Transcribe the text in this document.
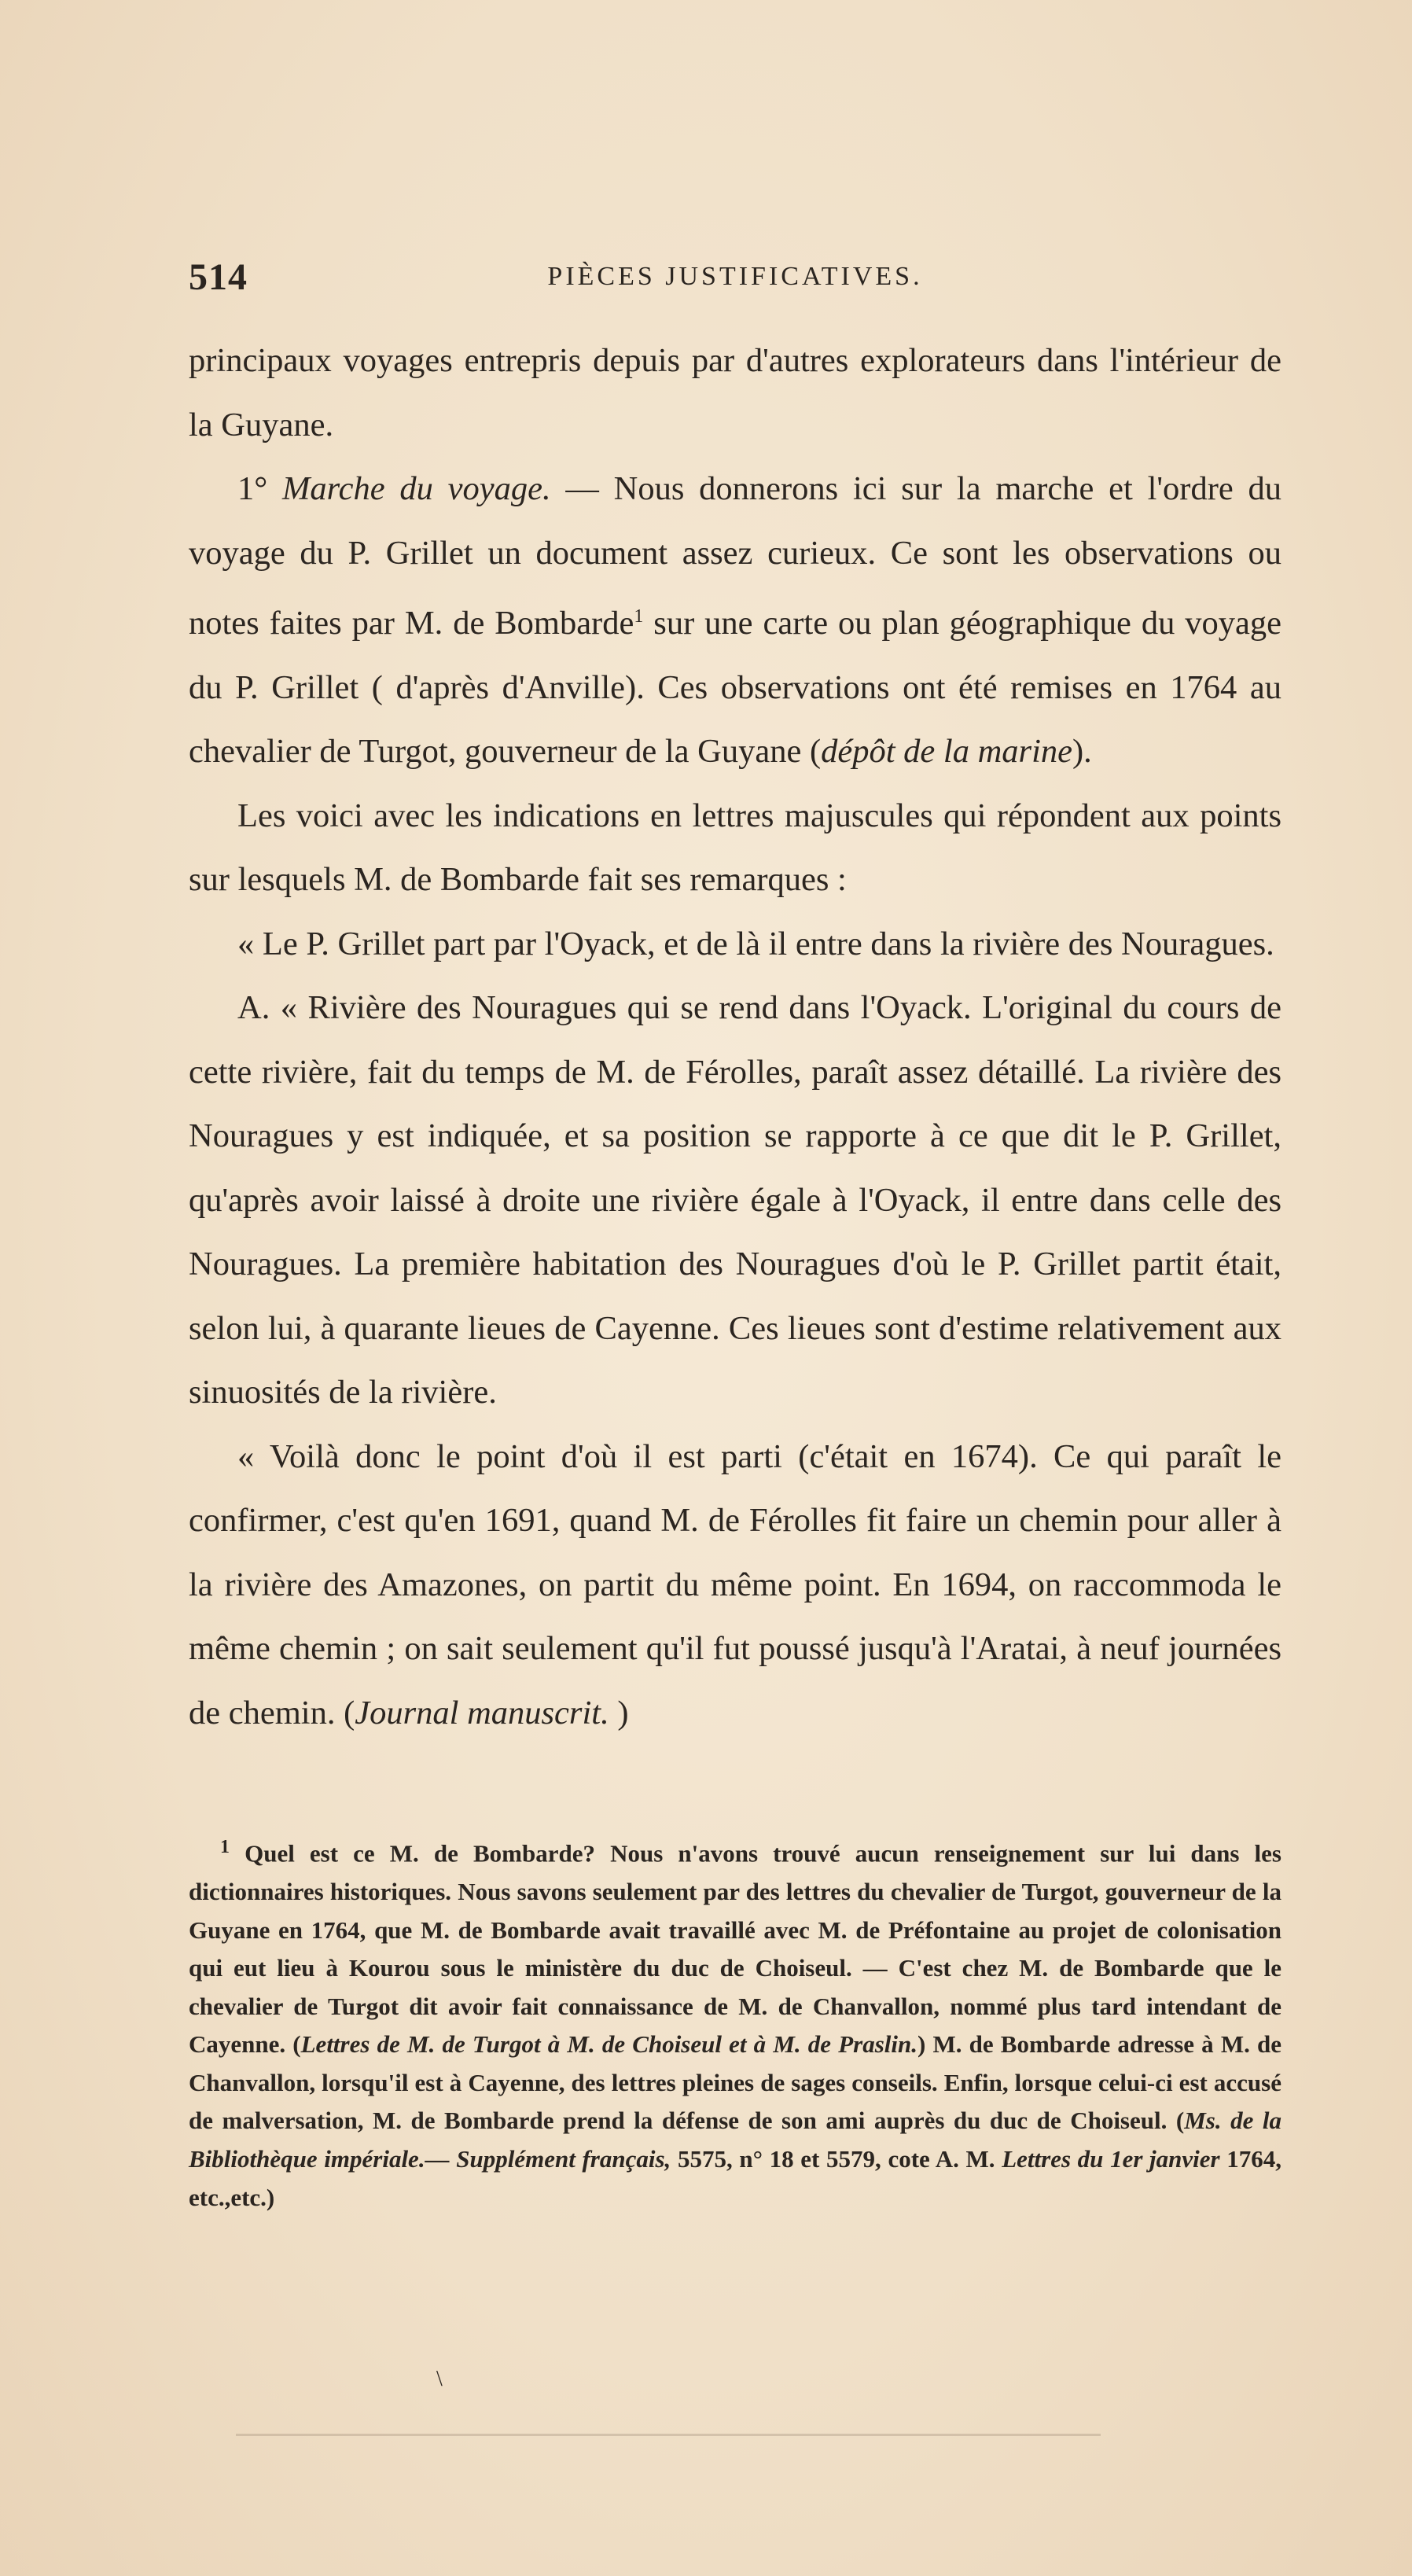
514	PIÈCES JUSTIFICATIVES.

principaux voyages entrepris depuis par d'autres explorateurs dans l'intérieur de la Guyane.

1° Marche du voyage. — Nous donnerons ici sur la marche et l'ordre du voyage du P. Grillet un document assez curieux. Ce sont les observations ou notes faites par M. de Bombarde$^1$ sur une carte ou plan géographique du voyage du P. Grillet ( d'après d'Anville). Ces observations ont été remises en 1764 au chevalier de Turgot, gouverneur de la Guyane (dépôt de la marine).

Les voici avec les indications en lettres majuscules qui répondent aux points sur lesquels M. de Bombarde fait ses remarques :

« Le P. Grillet part par l'Oyack, et de là il entre dans la rivière des Nouragues.

A. « Rivière des Nouragues qui se rend dans l'Oyack. L'original du cours de cette rivière, fait du temps de M. de Férolles, paraît assez détaillé. La rivière des Nouragues y est indiquée, et sa position se rapporte à ce que dit le P. Grillet, qu'après avoir laissé à droite une rivière égale à l'Oyack, il entre dans celle des Nouragues. La première habitation des Nouragues d'où le P. Grillet partit était, selon lui, à quarante lieues de Cayenne. Ces lieues sont d'estime relativement aux sinuosités de la rivière.

« Voilà donc le point d'où il est parti (c'était en 1674). Ce qui paraît le confirmer, c'est qu'en 1691, quand M. de Férolles fit faire un chemin pour aller à la rivière des Amazones, on partit du même point. En 1694, on raccommoda le même chemin ; on sait seulement qu'il fut poussé jusqu'à l'Aratai, à neuf journées de chemin. (Journal manuscrit. )

$^1$ Quel est ce M. de Bombarde? Nous n'avons trouvé aucun renseignement sur lui dans les dictionnaires historiques. Nous savons seulement par des lettres du chevalier de Turgot, gouverneur de la Guyane en 1764, que M. de Bombarde avait travaillé avec M. de Préfontaine au projet de colonisation qui eut lieu à Kourou sous le ministère du duc de Choiseul. — C'est chez M. de Bombarde que le chevalier de Turgot dit avoir fait connaissance de M. de Chanvallon, nommé plus tard intendant de Cayenne. (Lettres de M. de Turgot à M. de Choiseul et à M. de Praslin.) M. de Bombarde adresse à M. de Chanvallon, lorsqu'il est à Cayenne, des lettres pleines de sages conseils. Enfin, lorsque celui-ci est accusé de malversation, M. de Bombarde prend la défense de son ami auprès du duc de Choiseul. (Ms. de la Bibliothèque impériale.— Supplément français, 5575, n° 18 et 5579, cote A. M. Lettres du 1er janvier 1764, etc.,etc.)

\
